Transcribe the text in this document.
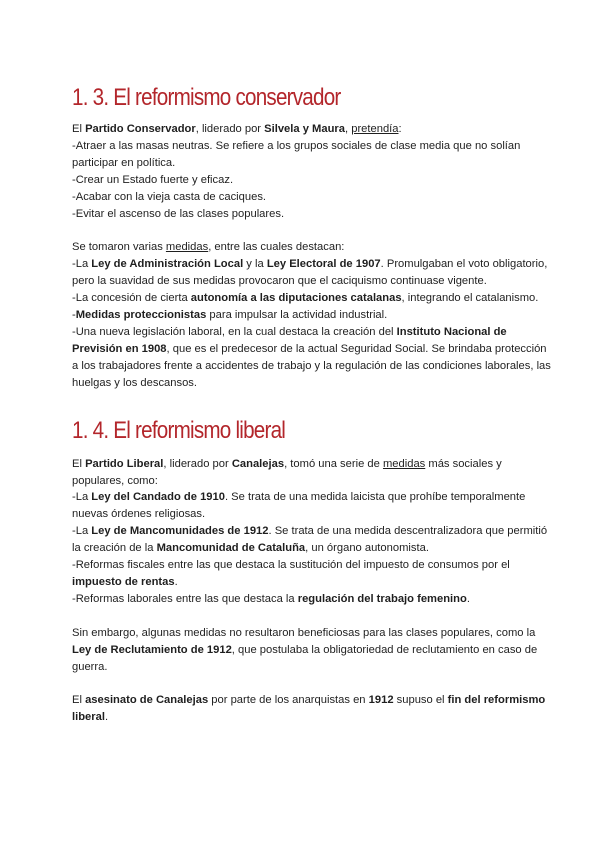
1. 3. El reformismo conservador
El Partido Conservador, liderado por Silvela y Maura, pretendía:
-Atraer a las masas neutras. Se refiere a los grupos sociales de clase media que no solían participar en política.
-Crear un Estado fuerte y eficaz.
-Acabar con la vieja casta de caciques.
-Evitar el ascenso de las clases populares.
Se tomaron varias medidas, entre las cuales destacan:
-La Ley de Administración Local y la Ley Electoral de 1907. Promulgaban el voto obligatorio, pero la suavidad de sus medidas provocaron que el caciquismo continuase vigente.
-La concesión de cierta autonomía a las diputaciones catalanas, integrando el catalanismo.
-Medidas proteccionistas para impulsar la actividad industrial.
-Una nueva legislación laboral, en la cual destaca la creación del Instituto Nacional de Previsión en 1908, que es el predecesor de la actual Seguridad Social. Se brindaba protección a los trabajadores frente a accidentes de trabajo y la regulación de las condiciones laborales, las huelgas y los descansos.
1. 4. El reformismo liberal
El Partido Liberal, liderado por Canalejas, tomó una serie de medidas más sociales y populares, como:
-La Ley del Candado de 1910. Se trata de una medida laicista que prohíbe temporalmente nuevas órdenes religiosas.
-La Ley de Mancomunidades de 1912. Se trata de una medida descentralizadora que permitió la creación de la Mancomunidad de Cataluña, un órgano autonomista.
-Reformas fiscales entre las que destaca la sustitución del impuesto de consumos por el impuesto de rentas.
-Reformas laborales entre las que destaca la regulación del trabajo femenino.
Sin embargo, algunas medidas no resultaron beneficiosas para las clases populares, como la Ley de Reclutamiento de 1912, que postulaba la obligatoriedad de reclutamiento en caso de guerra.
El asesinato de Canalejas por parte de los anarquistas en 1912 supuso el fin del reformismo liberal.
